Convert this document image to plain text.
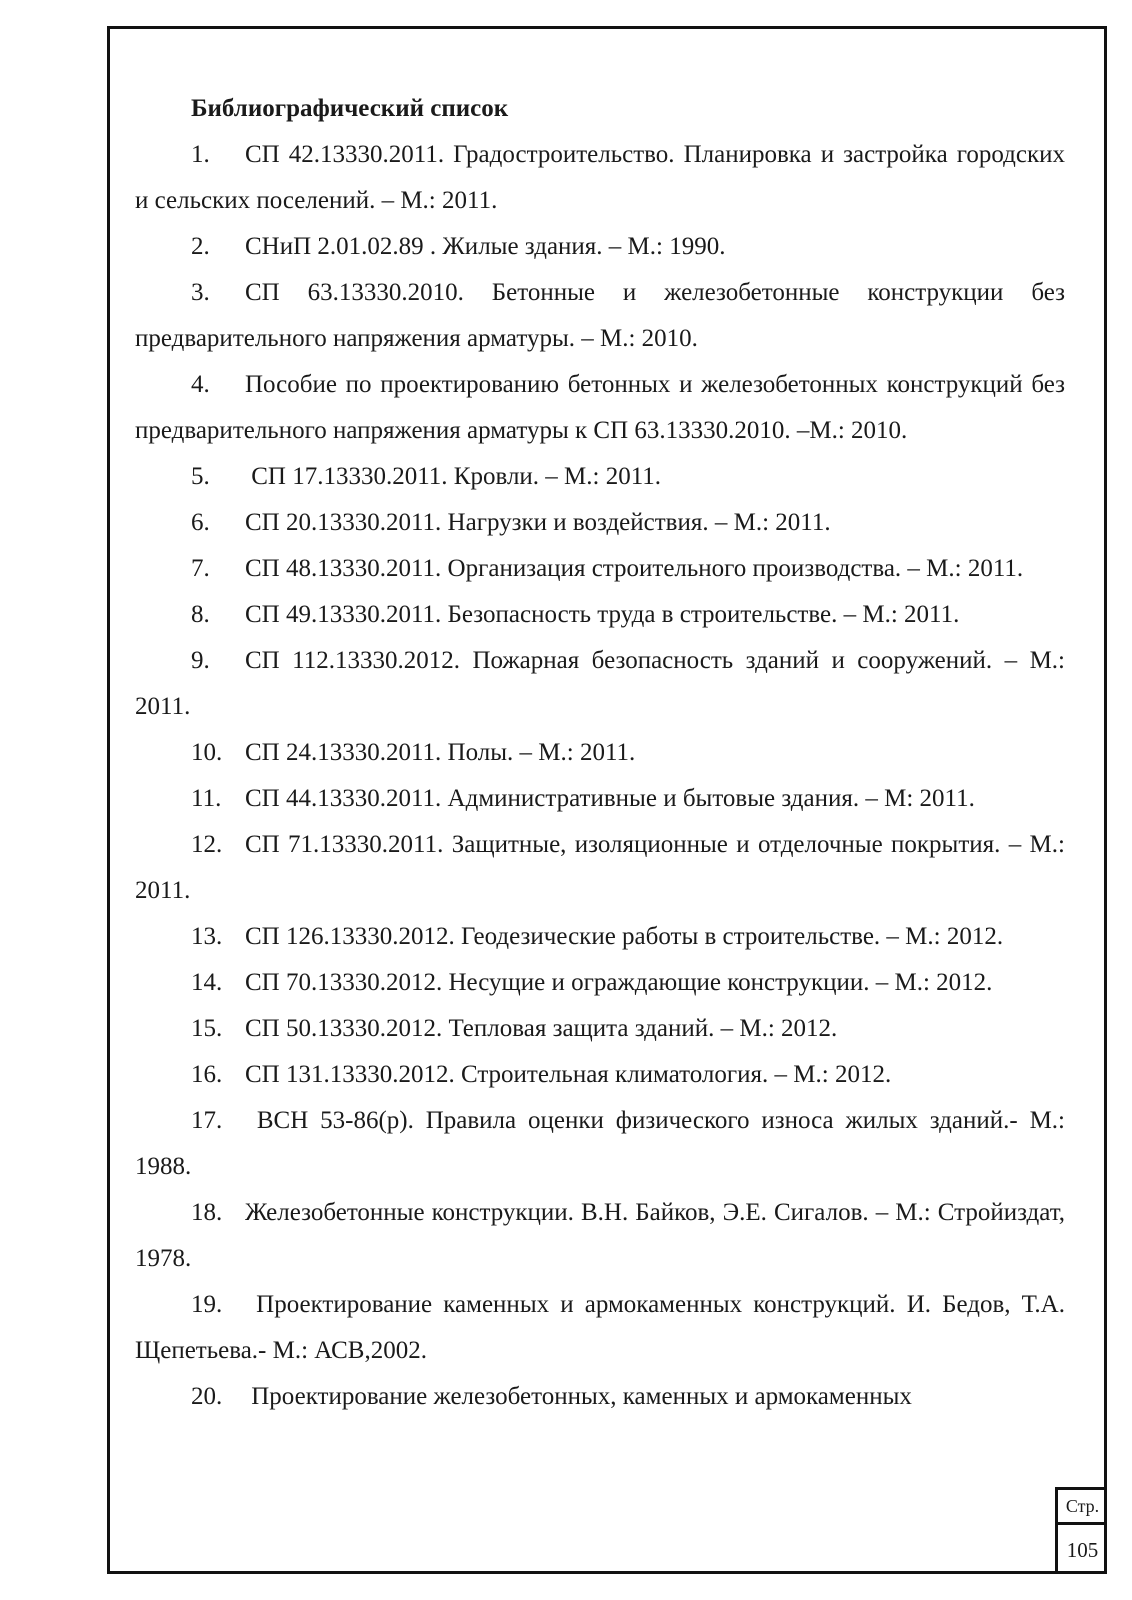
Библиографический список
1. СП 42.13330.2011. Градостроительство. Планировка и застройка городских и сельских поселений. – М.: 2011.
2. СНиП 2.01.02.89 . Жилые здания. – М.: 1990.
3. СП 63.13330.2010. Бетонные и железобетонные конструкции без предварительного напряжения арматуры. – М.: 2010.
4. Пособие по проектированию бетонных и железобетонных конструкций без предварительного напряжения арматуры к СП 63.13330.2010. –М.: 2010.
5. СП 17.13330.2011. Кровли. – М.: 2011.
6. СП 20.13330.2011. Нагрузки и воздействия. – М.: 2011.
7. СП 48.13330.2011. Организация строительного производства. – М.: 2011.
8. СП 49.13330.2011. Безопасность труда в строительстве. – М.: 2011.
9. СП 112.13330.2012. Пожарная безопасность зданий и сооружений. – М.: 2011.
10. СП 24.13330.2011. Полы. – М.: 2011.
11. СП 44.13330.2011. Административные и бытовые здания. – М: 2011.
12. СП 71.13330.2011. Защитные, изоляционные и отделочные покрытия. – М.: 2011.
13. СП 126.13330.2012. Геодезические работы в строительстве. – М.: 2012.
14. СП 70.13330.2012. Несущие и ограждающие конструкции. – М.: 2012.
15. СП 50.13330.2012. Тепловая защита зданий. – М.: 2012.
16. СП 131.13330.2012. Строительная климатология. – М.: 2012.
17. ВСН 53-86(р). Правила оценки физического износа жилых зданий.- М.: 1988.
18. Железобетонные конструкции. В.Н. Байков, Э.Е. Сигалов. – М.: Стройиздат, 1978.
19. Проектирование каменных и армокаменных конструкций. И. Бедов, Т.А. Щепетьева.- М.: АСВ,2002.
20. Проектирование железобетонных, каменных и армокаменных
Стр.
105
